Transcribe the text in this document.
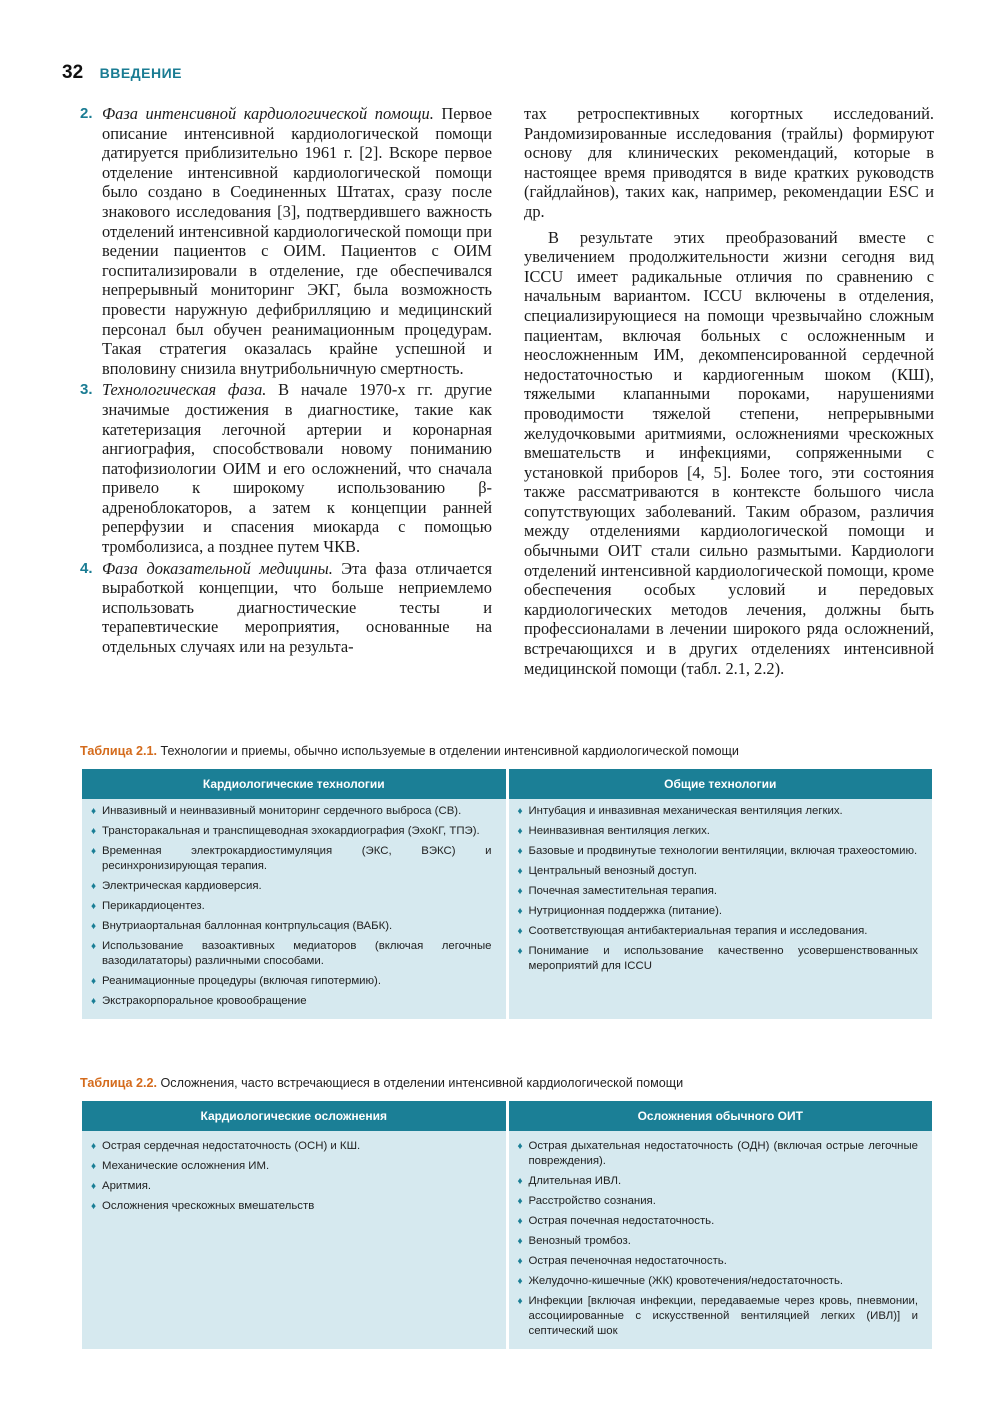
32 ВВЕДЕНИЕ
2. Фаза интенсивной кардиологической помощи. Первое описание интенсивной кардиологической помощи датируется приблизительно 1961 г. [2]. Вскоре первое отделение интенсивной кардиологической помощи было создано в Соединенных Штатах, сразу после знакового исследования [3], подтвердившего важность отделений интенсивной кардиологической помощи при ведении пациентов с ОИМ. Пациентов с ОИМ госпитализировали в отделение, где обеспечивался непрерывный мониторинг ЭКГ, была возможность провести наружную дефибрилляцию и медицинский персонал был обучен реанимационным процедурам. Такая стратегия оказалась крайне успешной и вполовину снизила внутрибольничную смертность.
3. Технологическая фаза. В начале 1970-х гг. другие значимые достижения в диагностике, такие как катетеризация легочной артерии и коронарная ангиография, способствовали новому пониманию патофизиологии ОИМ и его осложнений, что сначала привело к широкому использованию β-адреноблокаторов, а затем к концепции ранней реперфузии и спасения миокарда с помощью тромболизиса, а позднее путем ЧКВ.
4. Фаза доказательной медицины. Эта фаза отличается выработкой концепции, что больше неприемлемо использовать диагностические тесты и терапевтические мероприятия, основанные на отдельных случаях или на результа-

тах ретроспективных когортных исследований. Рандомизированные исследования (трайлы) формируют основу для клинических рекомендаций, которые в настоящее время приводятся в виде кратких руководств (гайдлайнов), таких как, например, рекомендации ESC и др.

В результате этих преобразований вместе с увеличением продолжительности жизни сегодня вид ICCU имеет радикальные отличия по сравнению с начальным вариантом. ICCU включены в отделения, специализирующиеся на помощи чрезвычайно сложным пациентам, включая больных с осложненным и неосложненным ИМ, декомпенсированной сердечной недостаточностью и кардиогенным шоком (КШ), тяжелыми клапанными пороками, нарушениями проводимости тяжелой степени, непрерывными желудочковыми аритмиями, осложнениями чрескожных вмешательств и инфекциями, сопряженными с установкой приборов [4, 5]. Более того, эти состояния также рассматриваются в контексте большого числа сопутствующих заболеваний. Таким образом, различия между отделениями кардиологической помощи и обычными ОИТ стали сильно размытыми. Кардиологи отделений интенсивной кардиологической помощи, кроме обеспечения особых условий и передовых кардиологических методов лечения, должны быть профессионалами в лечении широкого ряда осложнений, встречающихся и в других отделениях интенсивной медицинской помощи (табл. 2.1, 2.2).

Таблица 2.1. Технологии и приемы, обычно используемые в отделении интенсивной кардиологической помощи
Кардиологические технологии	Общие технологии
♦ Инвазивный и неинвазивный мониторинг сердечного выброса (СВ).
♦ Трансторакальная и транспищеводная эхокардиография (ЭхоКГ, ТПЭ).
♦ Временная электрокардиостимуляция (ЭКС, ВЭКС) и ресинхронизирующая терапия.
♦ Электрическая кардиоверсия.
♦ Перикардиоцентез.
♦ Внутриаортальная баллонная контрпульсация (ВАБК).
♦ Использование вазоактивных медиаторов (включая легочные вазодилататоры) различными способами.
♦ Реанимационные процедуры (включая гипотермию).
♦ Экстракорпоральное кровообращение
♦ Интубация и инвазивная механическая вентиляция легких.
♦ Неинвазивная вентиляция легких.
♦ Базовые и продвинутые технологии вентиляции, включая трахеостомию.
♦ Центральный венозный доступ.
♦ Почечная заместительная терапия.
♦ Нутриционная поддержка (питание).
♦ Соответствующая антибактериальная терапия и исследования.
♦ Понимание и использование качественно усовершенствованных мероприятий для ICCU
Таблица 2.2. Осложнения, часто встречающиеся в отделении интенсивной кардиологической помощи
Кардиологические осложнения	Осложнения обычного ОИТ
♦ Острая сердечная недостаточность (ОСН) и КШ.
♦ Механические осложнения ИМ.
♦ Аритмия.
♦ Осложнения чрескожных вмешательств
♦ Острая дыхательная недостаточность (ОДН) (включая острые легочные повреждения).
♦ Длительная ИВЛ.
♦ Расстройство сознания.
♦ Острая почечная недостаточность.
♦ Венозный тромбоз.
♦ Острая печеночная недостаточность.
♦ Желудочно-кишечные (ЖК) кровотечения/недостаточность.
♦ Инфекции [включая инфекции, передаваемые через кровь, пневмонии, ассоциированные с искусственной вентиляцией легких (ИВЛ)] и септический шок
